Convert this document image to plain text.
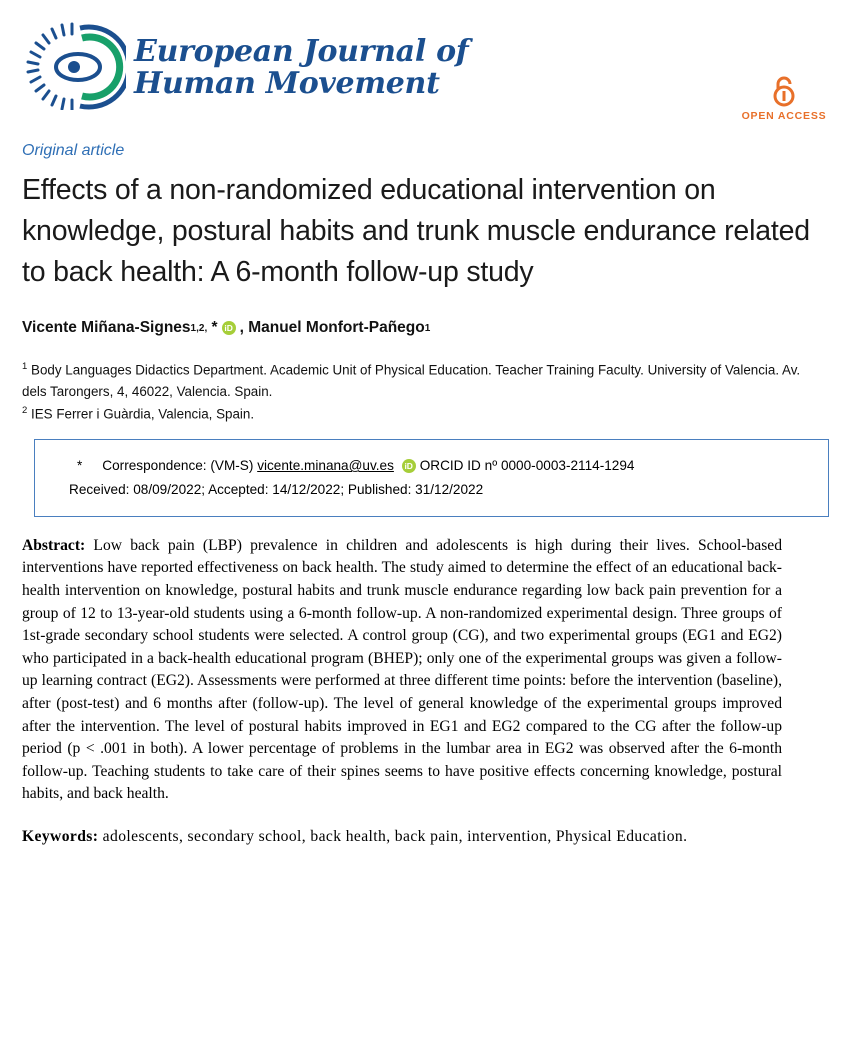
European Journal of
Human Movement
OPEN ACCESS
Original article
Effects of a non-randomized educational intervention on knowledge, postural habits and trunk muscle endurance related to back health: A 6-month follow-up study
Vicente Miñana-Signes 1,2,
* iD , Manuel Monfort-Pañego 1
$^1$ Body Languages Didactics Department. Academic Unit of Physical Education. Teacher Training Faculty. University of Valencia. Av. dels Tarongers, 4, 46022, Valencia. Spain.
$^2$ IES Ferrer i Guàrdia, Valencia, Spain.
* Correspondence: (VM-S)
vicente.minana@uv.es
	iD ORCID ID nº 0000-0003-2114-1294
Received: 08/09/2022; Accepted: 14/12/2022; Published: 31/12/2022
Abstract: Low back pain (LBP) prevalence in children and adolescents is high during their lives. School-based interventions have reported effectiveness on back health. The study aimed to determine the effect of an educational back-health intervention on knowledge, postural habits and trunk muscle endurance regarding low back pain prevention for a group of 12 to 13-year-old students using a 6-month follow-up. A non-randomized experimental design. Three groups of 1st-grade secondary school students were selected. A control group (CG), and two experimental groups (EG1 and EG2) who participated in a back-health educational program (BHEP); only one of the experimental groups was given a follow-up learning contract (EG2). Assessments were performed at three different time points: before the intervention (baseline), after (post-test) and 6 months after (follow-up). The level of general knowledge of the experimental groups improved after the intervention. The level of postural habits improved in EG1 and EG2 compared to the CG after the follow-up period (p < .001 in both). A lower percentage of problems in the lumbar area in EG2 was observed after the 6-month follow-up. Teaching students to take care of their spines seems to have positive effects concerning knowledge, postural habits, and back health.
Keywords: adolescents, secondary school, back health, back pain, intervention, Physical Education.
